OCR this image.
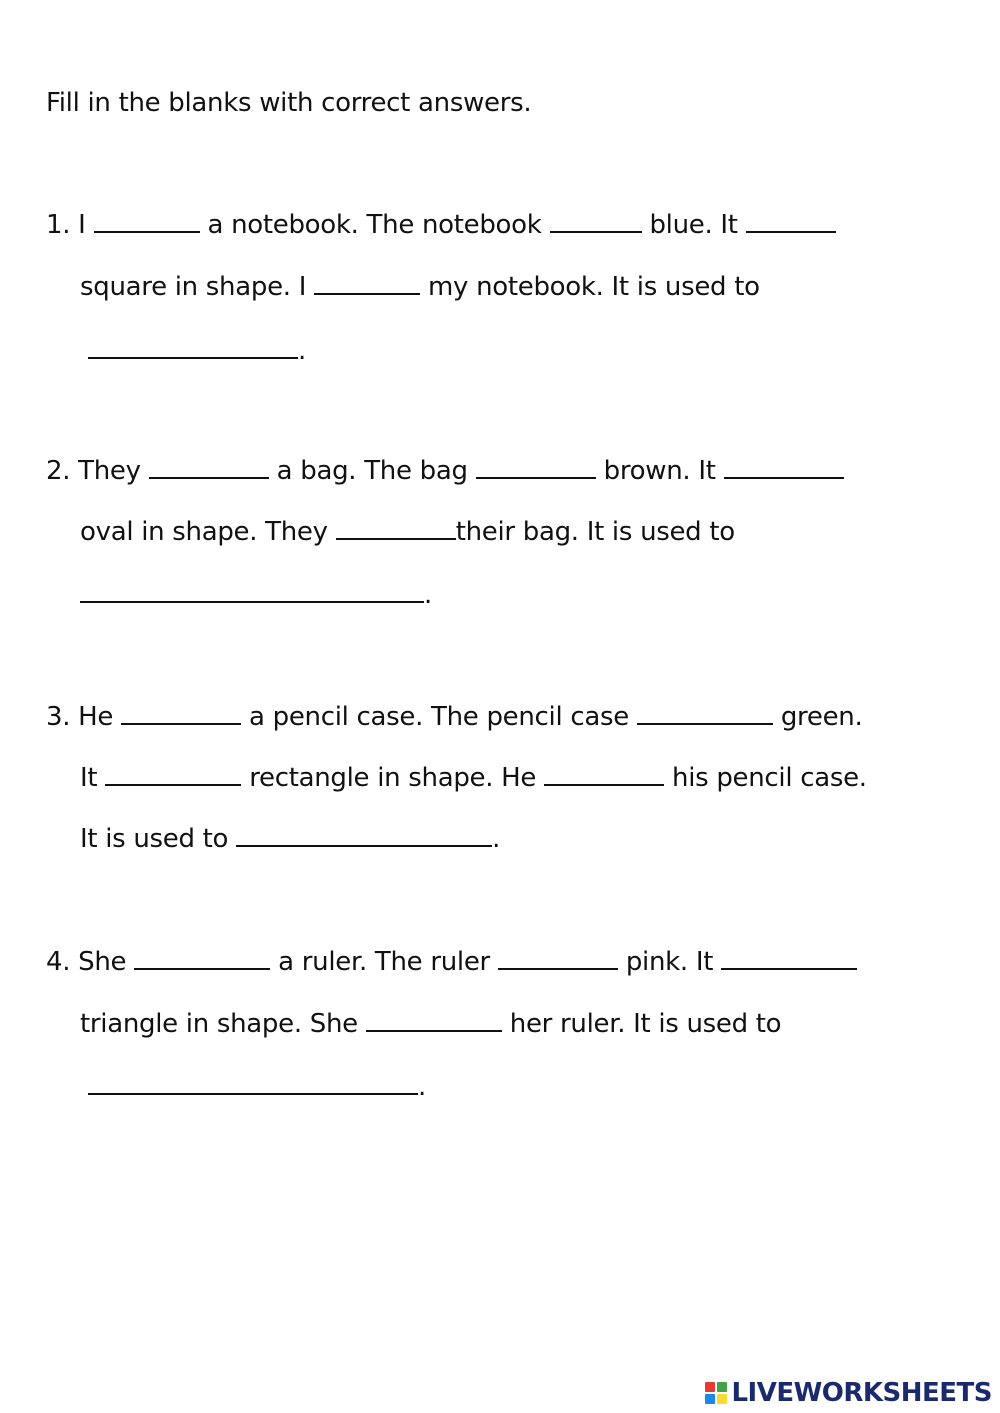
Fill in the blanks with correct answers.
1. I	a notebook. The notebook	blue. It
square in shape. I	my notebook. It is used to
.
2. They	a bag. The bag	brown. It
oval in shape. They	their bag. It is used to
.
3. He	a pencil case. The pencil case	green.
It	rectangle in shape. He	his pencil case.
It is used to	.
4. She	a ruler. The ruler	pink. It
triangle in shape. She	her ruler. It is used to
.
LIVEWORKSHEETS
